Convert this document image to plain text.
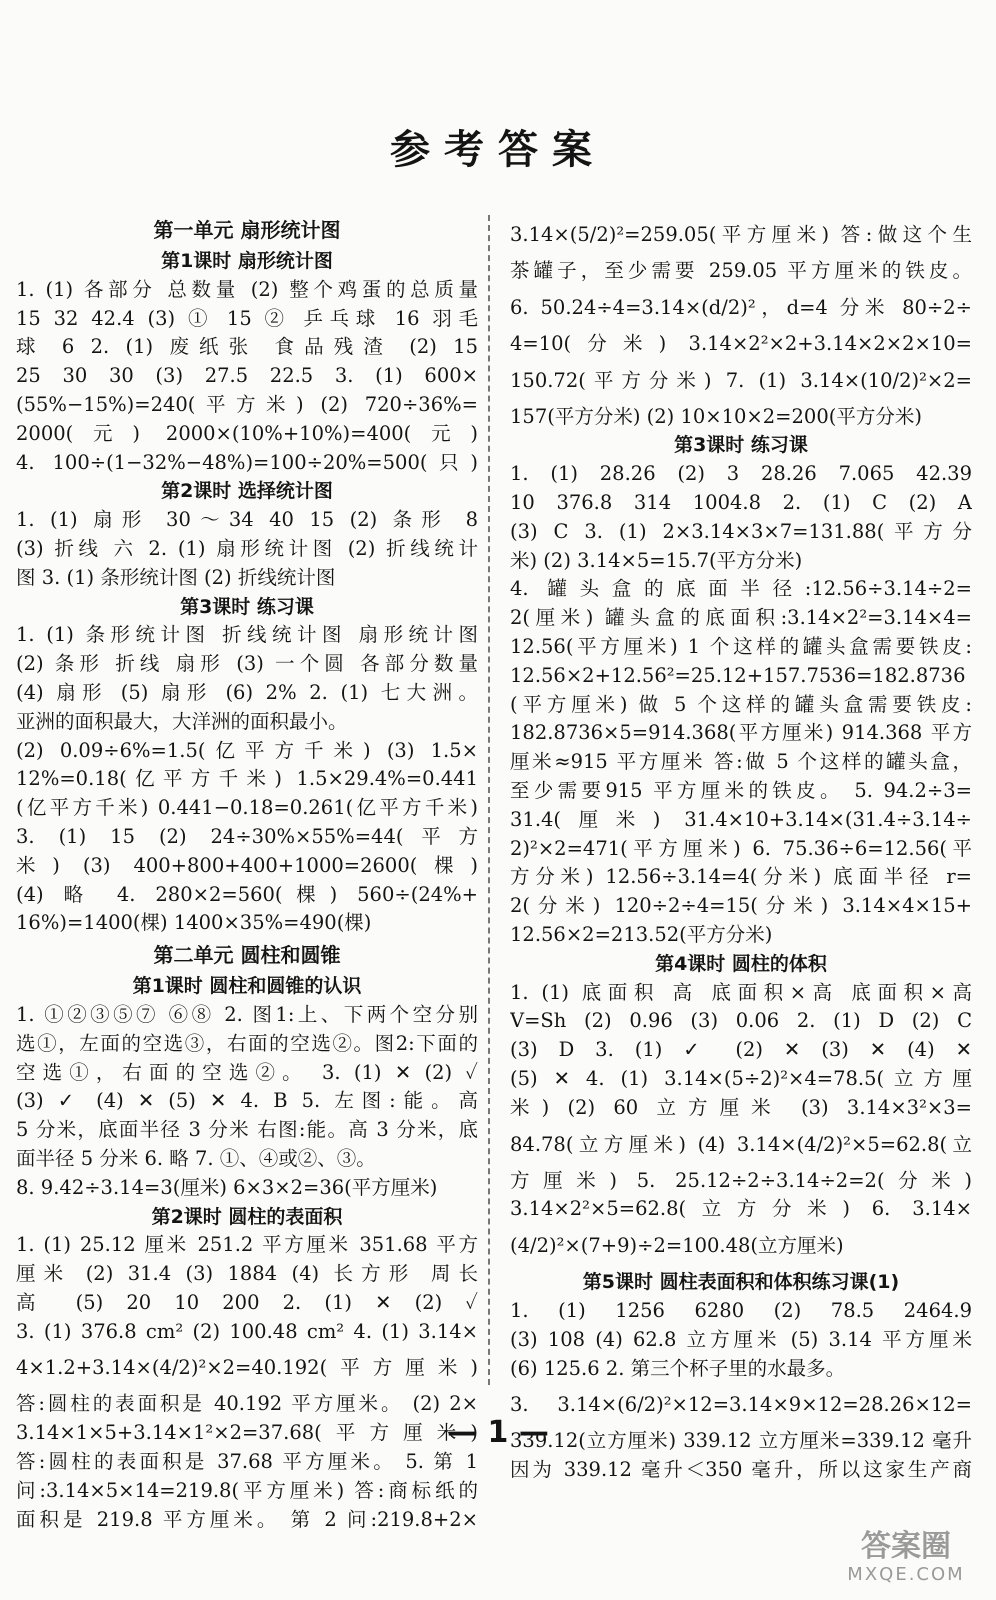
参考答案
第一单元 扇形统计图
第1课时 扇形统计图
1. (1) 各部分 总数量 (2) 整个鸡蛋的总质量
15 32 42.4 (3) ① 15 ② 乒乓球 16 羽毛
球 6 2. (1) 废纸张 食品残渣 (2) 15
25 30 30 (3) 27.5 22.5 3. (1) 600×
(55%−15%)=240(平方米) (2) 720÷36%=
2000(元) 2000×(10%+10%)=400(元)
4. 100÷(1−32%−48%)=100÷20%=500(只)
第2课时 选择统计图
1. (1) 扇形 30～34 40 15 (2) 条形 8
(3) 折线 六 2. (1) 扇形统计图 (2) 折线统计
图 3. (1) 条形统计图 (2) 折线统计图
第3课时 练习课
1. (1) 条形统计图 折线统计图 扇形统计图
(2) 条形 折线 扇形 (3) 一个圆 各部分数量
(4) 扇形 (5) 扇形 (6) 2% 2. (1) 七大洲。
亚洲的面积最大，大洋洲的面积最小。
(2) 0.09÷6%=1.5(亿平方千米) (3) 1.5×
12%=0.18(亿平方千米) 1.5×29.4%=0.441
(亿平方千米) 0.441−0.18=0.261(亿平方千米)
3. (1) 15 (2) 24÷30%×55%=44(平方
米) (3) 400+800+400+1000=2600(棵)
(4) 略 4. 280×2=560(棵) 560÷(24%+
16%)=1400(棵) 1400×35%=490(棵)
第二单元 圆柱和圆锥
第1课时 圆柱和圆锥的认识
1. ①②③⑤⑦ ⑥⑧ 2. 图1:上、下两个空分别
选①，左面的空选③，右面的空选②。图2:下面的
空选①，右面的空选②。 3. (1) ✕ (2) ✓
(3) ✓ (4) ✕ (5) ✕ 4. B 5. 左图:能。高
5 分米，底面半径 3 分米 右图:能。高 3 分米，底
面半径 5 分米 6. 略 7. ①、④或②、③。
8. 9.42÷3.14=3(厘米) 6×3×2=36(平方厘米)
第2课时 圆柱的表面积
1. (1) 25.12 厘米 251.2 平方厘米 351.68 平方
厘米 (2) 31.4 (3) 1884 (4) 长方形 周长
高 (5) 20 10 200 2. (1) ✕ (2) ✓
3. (1) 376.8 cm² (2) 100.48 cm² 4. (1) 3.14×
4×1.2+3.14×(4/2)²×2=40.192(平方厘米)
答:圆柱的表面积是 40.192 平方厘米。 (2) 2×
3.14×1×5+3.14×1²×2=37.68(平方厘米)
答:圆柱的表面积是 37.68 平方厘米。 5. 第 1
问:3.14×5×14=219.8(平方厘米) 答:商标纸的
面积是 219.8 平方厘米。 第 2 问:219.8+2×
3.14×(5/2)²=259.05(平方厘米) 答:做这个生
茶罐子，至少需要 259.05 平方厘米的铁皮。
6. 50.24÷4=3.14×(d/2)²，d=4 分米 80÷2÷
4=10(分米) 3.14×2²×2+3.14×2×2×10=
150.72(平方分米) 7. (1) 3.14×(10/2)²×2=
157(平方分米) (2) 10×10×2=200(平方分米)
第3课时 练习课
1. (1) 28.26 (2) 3 28.26 7.065 42.39
10 376.8 314 1004.8 2. (1) C (2) A
(3) C 3. (1) 2×3.14×3×7=131.88(平方分
米) (2) 3.14×5=15.7(平方分米)
4. 罐头盒的底面半径:12.56÷3.14÷2=
2(厘米) 罐头盒的底面积:3.14×2²=3.14×4=
12.56(平方厘米) 1 个这样的罐头盒需要铁皮:
12.56×2+12.56²=25.12+157.7536=182.8736
(平方厘米) 做 5 个这样的罐头盒需要铁皮:
182.8736×5=914.368(平方厘米) 914.368 平方
厘米≈915 平方厘米 答:做 5 个这样的罐头盒，
至少需要915 平方厘米的铁皮。 5. 94.2÷3=
31.4(厘米) 31.4×10+3.14×(31.4÷3.14÷
2)²×2=471(平方厘米) 6. 75.36÷6=12.56(平
方分米) 12.56÷3.14=4(分米) 底面半径 r=
2(分米) 120÷2÷4=15(分米) 3.14×4×15+
12.56×2=213.52(平方分米)
第4课时 圆柱的体积
1. (1) 底面积 高 底面积×高 底面积×高
V=Sh (2) 0.96 (3) 0.06 2. (1) D (2) C
(3) D 3. (1) ✓ (2) ✕ (3) ✕ (4) ✕
(5) ✕ 4. (1) 3.14×(5÷2)²×4=78.5(立方厘
米) (2) 60 立方厘米 (3) 3.14×3²×3=
84.78(立方厘米) (4) 3.14×(4/2)²×5=62.8(立
方厘米) 5. 25.12÷2÷3.14÷2=2(分米)
3.14×2²×5=62.8(立方分米) 6. 3.14×
(4/2)²×(7+9)÷2=100.48(立方厘米)
第5课时 圆柱表面积和体积练习课(1)
1. (1) 1256 6280 (2) 78.5 2464.9
(3) 108 (4) 62.8 立方厘米 (5) 3.14 平方厘米
(6) 125.6 2. 第三个杯子里的水最多。
3. 3.14×(6/2)²×12=3.14×9×12=28.26×12=
339.12(立方厘米) 339.12 立方厘米=339.12 毫升
因为 339.12 毫升＜350 毫升，所以这家生产商
— 1 —
答案圈
MXQE.COM
